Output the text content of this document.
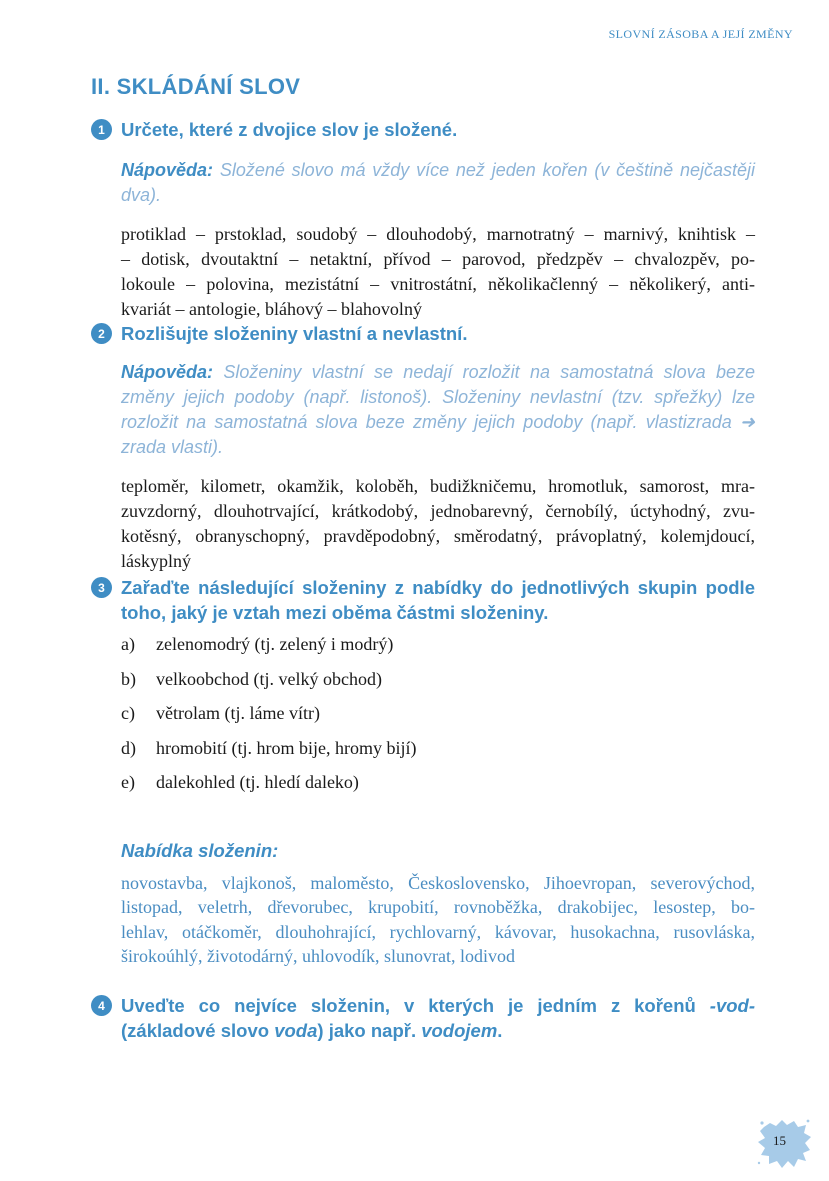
SLOVNÍ ZÁSOBA A JEJÍ ZMĚNY
II. SKLÁDÁNÍ SLOV
1 Určete, které z dvojice slov je složené.
Nápověda: Složené slovo má vždy více než jeden kořen (v češtině nejčastěji dva).
protiklad – prstoklad, soudobý – dlouhodobý, marnotratný – marnivý, knihtisk –
– dotisk, dvoutaktní – netaktní, přívod – parovod, předzpěv – chvalozpěv, po-
lokoule – polovina, mezistátní – vnitrostátní, několikačlenný – několikerý, anti-
kvariát – antologie, bláhový – blahovolný
2 Rozlišujte složeniny vlastní a nevlastní.
Nápověda: Složeniny vlastní se nedají rozložit na samostatná slova beze změny jejich podoby (např. listonoš). Složeniny nevlastní (tzv. spřežky) lze rozložit na samostatná slova beze změny jejich podoby (např. vlastizrada ➜ zrada vlasti).
teploměr, kilometr, okamžik, koloběh, budižkničemu, hromotluk, samorost, mra-
zuvzdorný, dlouhotrvající, krátkodobý, jednobarevný, černobílý, úctyhodný, zvu-
kotěsný, obranyschopný, pravděpodobný, směrodatný, právoplatný, kolemjdoucí,
láskyplný
3 Zařaďte následující složeniny z nabídky do jednotlivých skupin podle toho, jaký je vztah mezi oběma částmi složeniny.
a)	zelenomodrý (tj. zelený i modrý)
b)	velkoobchod (tj. velký obchod)
c)	větrolam (tj. láme vítr)
d)	hromobití (tj. hrom bije, hromy bijí)
e)	dalekohled (tj. hledí daleko)
Nabídka složenin:
novostavba, vlajkonoš, maloměsto, Československo, Jihoevropan, severovýchod,
listopad, veletrh, dřevorubec, krupobití, rovnoběžka, drakobijec, lesostep, bo-
lehlav, otáčkoměr, dlouhohrající, rychlovarný, kávovar, husokachna, rusovláska,
širokoúhlý, životodárný, uhlovodík, slunovrat, lodivod
4 Uveďte co nejvíce složenin, v kterých je jedním z kořenů -vod- (základové slovo voda) jako např. vodojem.
15
